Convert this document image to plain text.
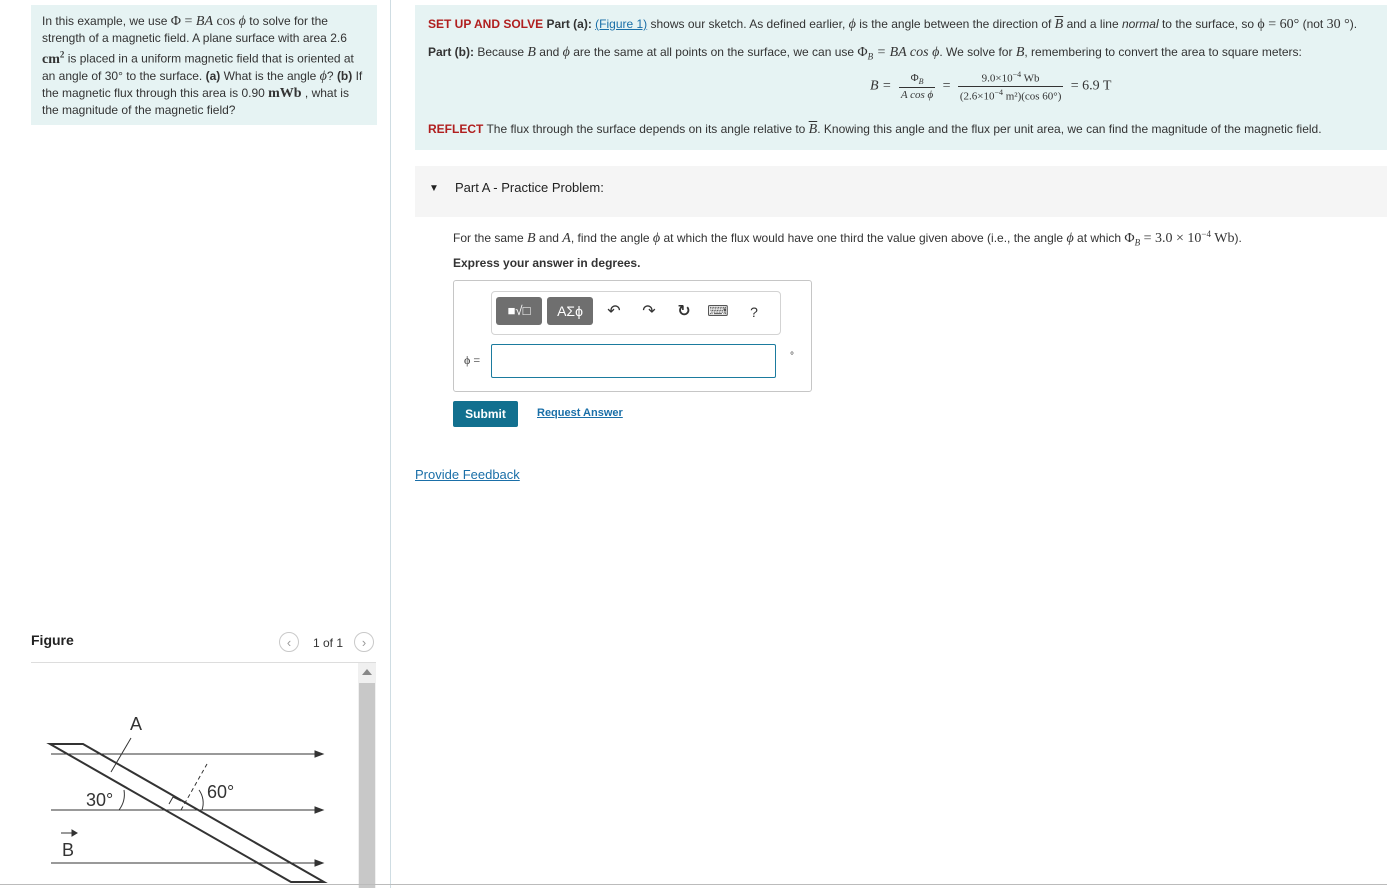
In this example, we use Φ = BA cos ϕ to solve for the strength of a magnetic field. A plane surface with area 2.6 $cm^2$ is placed in a uniform magnetic field that is oriented at an angle of 30° to the surface. (a) What is the angle ϕ? (b) If the magnetic flux through this area is 0.90 mWb , what is the magnitude of the magnetic field?
Figure	‹	1 of 1	›
A
30°	60°
B
SET UP AND SOLVE Part (a): (Figure 1) shows our sketch. As defined earlier, ϕ is the angle between the direction of $\overline{B}$ and a line normal to the surface, so ϕ = 60° (not 30 °).
Part (b): Because B and ϕ are the same at all points on the surface, we can use $\Phi_B$ = BA cos ϕ. We solve for B, remembering to convert the area to square meters:
$B = \frac{\Phi_B}{\text{A cos ϕ}} = \frac{9.0\times 10^{-4} Wb}{(2.6\times 10^{-4} m^2)(\cos 60^\circ)} = 6.9$ T
REFLECT The flux through the surface depends on its angle relative to $\overline{B}$. Knowing this angle and the flux per unit area, we can find the magnitude of the magnetic field.
▼ Part A - Practice Problem:
For the same B and A, find the angle ϕ at which the flux would have one third the value given above (i.e., the angle ϕ at which $\Phi_B = 3.0 \times 10^{-4}$ Wb).
Express your answer in degrees.
■√□	ΑΣϕ	↶ ↷ ↻ ⌨	?
ϕ =	°
Submit	Request Answer
Provide Feedback
